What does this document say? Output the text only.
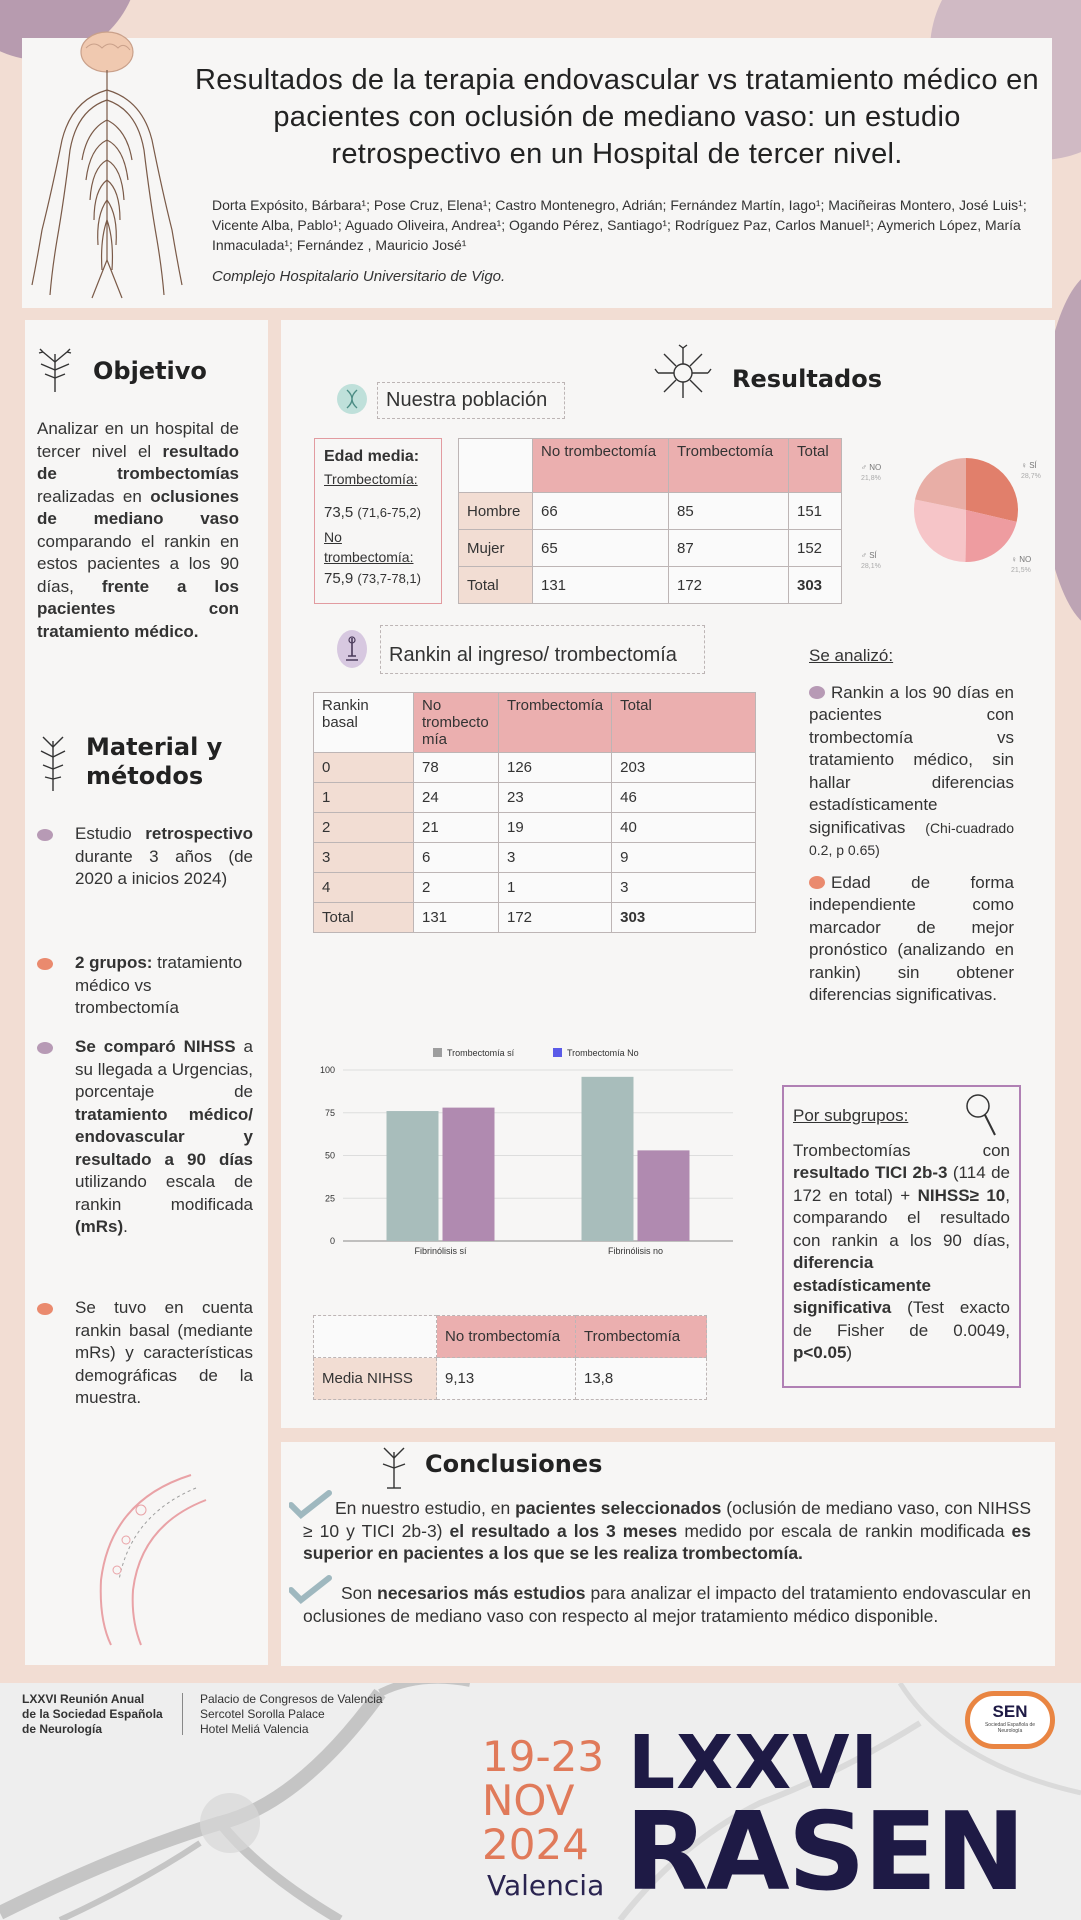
Resultados de la terapia endovascular vs tratamiento médico en pacientes con oclusión de mediano vaso: un estudio retrospectivo en un Hospital de tercer nivel.
Dorta Expósito, Bárbara¹; Pose Cruz, Elena¹; Castro Montenegro, Adrián; Fernández Martín, Iago¹; Maciñeiras Montero, José Luis¹; Vicente Alba, Pablo¹; Aguado Oliveira, Andrea¹; Ogando Pérez, Santiago¹; Rodríguez Paz, Carlos Manuel¹; Aymerich López, María Inmaculada¹; Fernández , Mauricio José¹
Complejo Hospitalario Universitario de Vigo.
Objetivo
Analizar en un hospital de tercer nivel el resultado de trombectomías realizadas en oclusiones de mediano vaso comparando el rankin en estos pacientes a los 90 días, frente a los pacientes con tratamiento médico.
Material y métodos
Estudio retrospectivo durante 3 años (de 2020 a inicios 2024)
2 grupos: tratamiento médico vs trombectomía
Se comparó NIHSS a su llegada a Urgencias, porcentaje de tratamiento médico/ endovascular y resultado a 90 días utilizando escala de rankin modificada (mRs).
Se tuvo en cuenta rankin basal (mediante mRs) y características demográficas de la muestra.
Resultados
Nuestra población
Edad media:
Trombectomía:
73,5 (71,6-75,2)
No trombectomía:
75,9 (73,7-78,1)
	No trombectomía	Trombectomía	Total
Hombre	66	85	151
Mujer	65	87	152
Total	131	172	303
♀ SÍ
28,7%
♀ NO
21,5%
♂ SÍ
28,1%
♂ NO
21,8%
Rankin al ingreso/ trombectomía
Rankin basal	No trombecto mía	Trombectomía	Total
0	78	126	203
1	24	23	46
2	21	19	40
3	6	3	9
4	2	1	3
Total	131	172	303
0
25
50
75
100
Fibrinólisis sí	Fibrinólisis no
Trombectomía sí	Trombectomía No
	No trombectomía	Trombectomía
Media NIHSS	9,13	13,8
Se analizó:
Rankin a los 90 días en pacientes con trombectomía vs tratamiento médico, sin hallar diferencias estadísticamente significativas (Chi-cuadrado 0.2, p 0.65)
Edad de forma independiente como marcador de mejor pronóstico (analizando en rankin) sin obtener diferencias significativas.
Por subgrupos:
Trombectomías con resultado TICI 2b-3 (114 de 172 en total) + NIHSS≥ 10, comparando el resultado con rankin a los 90 días, diferencia estadísticamente significativa (Test exacto de Fisher de 0.0049, p<0.05)
Conclusiones
En nuestro estudio, en pacientes seleccionados (oclusión de mediano vaso, con NIHSS ≥ 10 y TICI 2b-3) el resultado a los 3 meses medido por escala de rankin modificada es superior en pacientes a los que se les realiza trombectomía.
Son necesarios más estudios para analizar el impacto del tratamiento endovascular en oclusiones de mediano vaso con respecto al mejor tratamiento médico disponible.
LXXVI Reunión Anual
de la Sociedad Española
de Neurología
Palacio de Congresos de Valencia
Sercotel Sorolla Palace
Hotel Meliá Valencia
19-23
NOV
2024
Valencia
LXXVI
RASEN
SEN
Sociedad Española de Neurología
